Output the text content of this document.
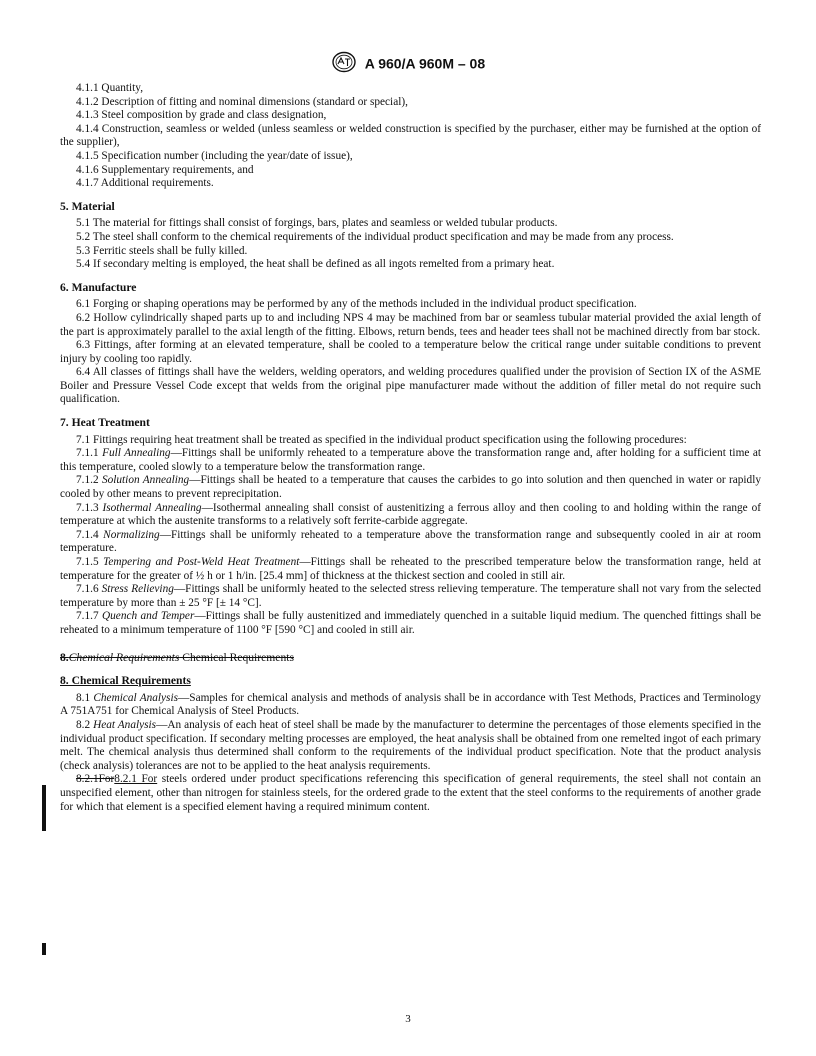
A 960/A 960M – 08

4.1.1 Quantity,

4.1.2 Description of fitting and nominal dimensions (standard or special),

4.1.3 Steel composition by grade and class designation,

4.1.4 Construction, seamless or welded (unless seamless or welded construction is specified by the purchaser, either may be furnished at the option of the supplier),

4.1.5 Specification number (including the year/date of issue),

4.1.6 Supplementary requirements, and

4.1.7 Additional requirements.

5. Material

5.1 The material for fittings shall consist of forgings, bars, plates and seamless or welded tubular products.

5.2 The steel shall conform to the chemical requirements of the individual product specification and may be made from any process.

5.3 Ferritic steels shall be fully killed.

5.4 If secondary melting is employed, the heat shall be defined as all ingots remelted from a primary heat.

6. Manufacture

6.1 Forging or shaping operations may be performed by any of the methods included in the individual product specification.

6.2 Hollow cylindrically shaped parts up to and including NPS 4 may be machined from bar or seamless tubular material provided the axial length of the part is approximately parallel to the axial length of the fitting. Elbows, return bends, tees and header tees shall not be machined directly from bar stock.

6.3 Fittings, after forming at an elevated temperature, shall be cooled to a temperature below the critical range under suitable conditions to prevent injury by cooling too rapidly.

6.4 All classes of fittings shall have the welders, welding operators, and welding procedures qualified under the provision of Section IX of the ASME Boiler and Pressure Vessel Code except that welds from the original pipe manufacturer made without the addition of filler metal do not require such qualification.

7. Heat Treatment

7.1 Fittings requiring heat treatment shall be treated as specified in the individual product specification using the following procedures:

7.1.1 Full Annealing—Fittings shall be uniformly reheated to a temperature above the transformation range and, after holding for a sufficient time at this temperature, cooled slowly to a temperature below the transformation range.

7.1.2 Solution Annealing—Fittings shall be heated to a temperature that causes the carbides to go into solution and then quenched in water or rapidly cooled by other means to prevent reprecipitation.

7.1.3 Isothermal Annealing—Isothermal annealing shall consist of austenitizing a ferrous alloy and then cooling to and holding within the range of temperature at which the austenite transforms to a relatively soft ferrite-carbide aggregate.

7.1.4 Normalizing—Fittings shall be uniformly reheated to a temperature above the transformation range and subsequently cooled in air at room temperature.

7.1.5 Tempering and Post-Weld Heat Treatment—Fittings shall be reheated to the prescribed temperature below the transformation range, held at temperature for the greater of ½ h or 1 h/in. [25.4 mm] of thickness at the thickest section and cooled in still air.

7.1.6 Stress Relieving—Fittings shall be uniformly heated to the selected stress relieving temperature. The temperature shall not vary from the selected temperature by more than ± 25 °F [± 14 °C].

7.1.7 Quench and Temper—Fittings shall be fully austenitized and immediately quenched in a suitable liquid medium. The quenched fittings shall be reheated to a minimum temperature of 1100 °F [590 °C] and cooled in still air.

8.Chemical Requirements Chemical Requirements
8. Chemical Requirements

8.1 Chemical Analysis—Samples for chemical analysis and methods of analysis shall be in accordance with Test Methods, Practices and Terminology A 751A751 for Chemical Analysis of Steel Products.

8.2 Heat Analysis—An analysis of each heat of steel shall be made by the manufacturer to determine the percentages of those elements specified in the individual product specification. If secondary melting processes are employed, the heat analysis shall be obtained from one remelted ingot of each primary melt. The chemical analysis thus determined shall conform to the requirements of the individual product specification. Note that the product analysis (check analysis) tolerances are not to be applied to the heat analysis requirements.

8.2.1For8.2.1 For steels ordered under product specifications referencing this specification of general requirements, the steel shall not contain an unspecified element, other than nitrogen for stainless steels, for the ordered grade to the extent that the steel conforms to the requirements of another grade for which that element is a specified element having a required minimum content.

3
